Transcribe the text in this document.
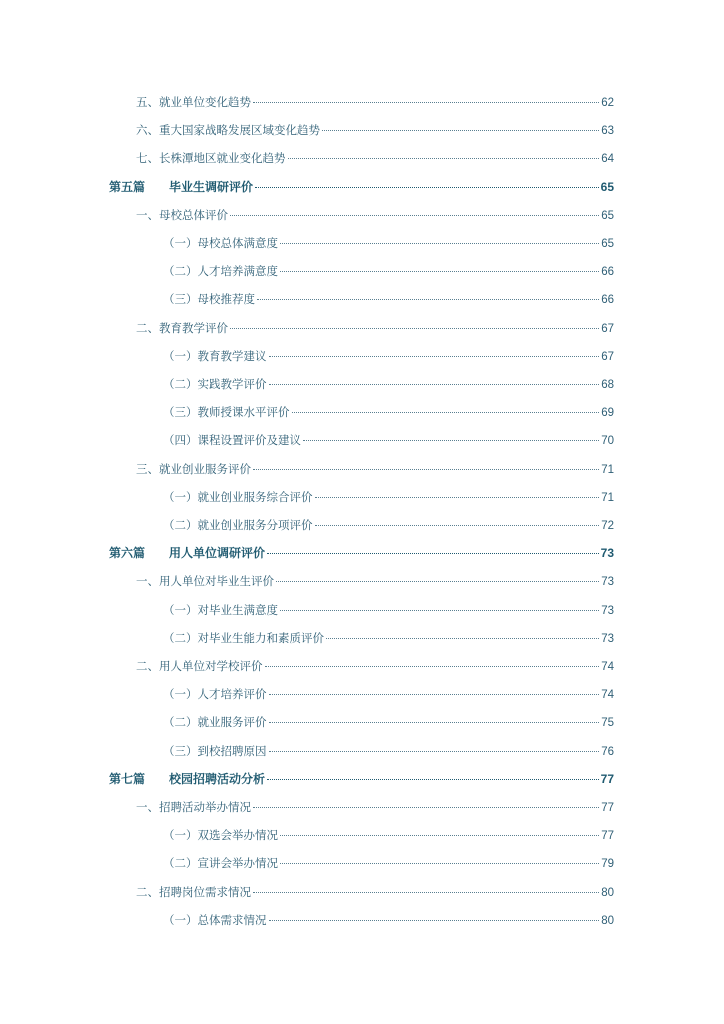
五、就业单位变化趋势	62
六、重大国家战略发展区域变化趋势	63
七、长株潭地区就业变化趋势	64
第五篇　　毕业生调研评价	65
一、母校总体评价	65
（一）母校总体满意度	65
（二）人才培养满意度	66
（三）母校推荐度	66
二、教育教学评价	67
（一）教育教学建议	67
（二）实践教学评价	68
（三）教师授课水平评价	69
（四）课程设置评价及建议	70
三、就业创业服务评价	71
（一）就业创业服务综合评价	71
（二）就业创业服务分项评价	72
第六篇　　用人单位调研评价	73
一、用人单位对毕业生评价	73
（一）对毕业生满意度	73
（二）对毕业生能力和素质评价	73
二、用人单位对学校评价	74
（一）人才培养评价	74
（二）就业服务评价	75
（三）到校招聘原因	76
第七篇　　校园招聘活动分析	77
一、招聘活动举办情况	77
（一）双选会举办情况	77
（二）宣讲会举办情况	79
二、招聘岗位需求情况	80
（一）总体需求情况	80
